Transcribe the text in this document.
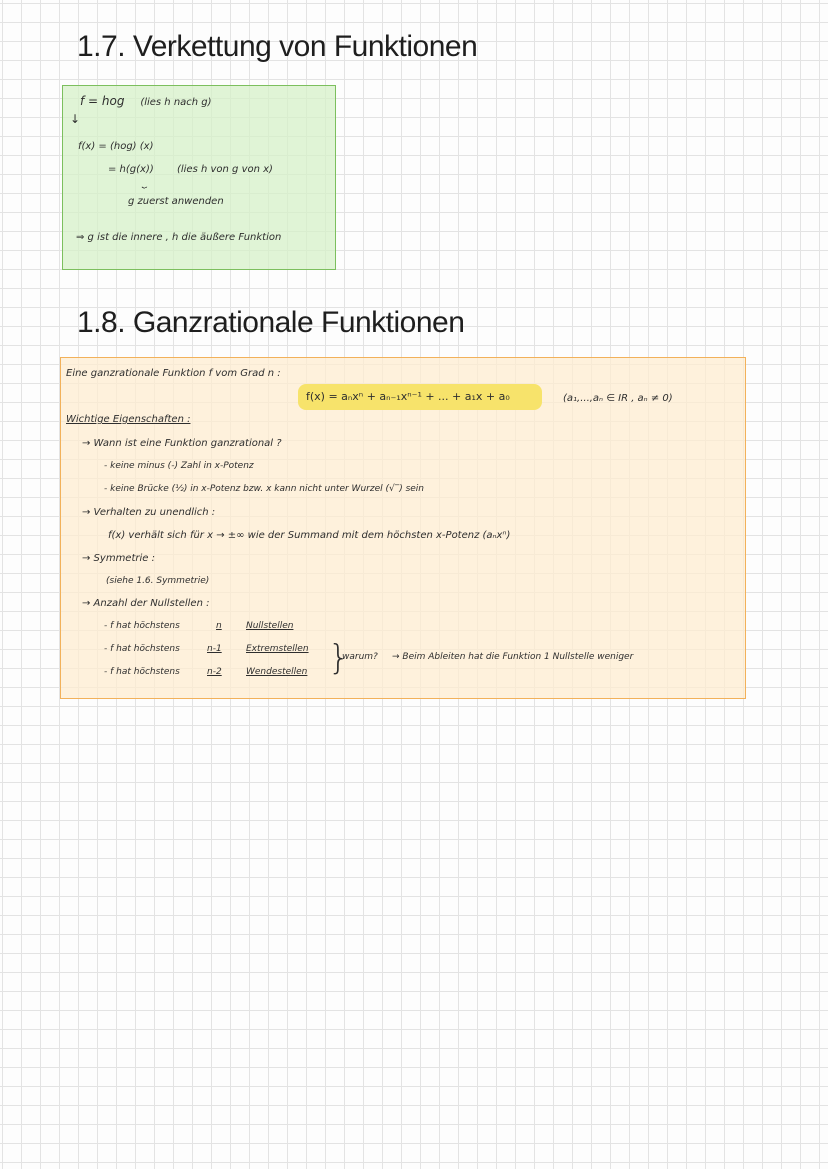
1.7. Verkettung von Funktionen
f = hog (lies h nach g)
↓
f(x) = (hog) (x)
= h(g(x)) (lies h von g von x)
⏟
g zuerst anwenden
⇒ g ist die innere , h die äußere Funktion
1.8. Ganzrationale Funktionen
Eine ganzrationale Funktion f vom Grad n :
f(x) = aₙxⁿ + aₙ₋₁xⁿ⁻¹ + ... + a₁x + a₀	(a₁,...,aₙ ∈ IR , aₙ ≠ 0)
Wichtige Eigenschaften :
→ Wann ist eine Funktion ganzrational ?
- keine minus (-) Zahl in x-Potenz
- keine Brücke (½) in x-Potenz bzw. x kann nicht unter Wurzel (√‾) sein
→ Verhalten zu unendlich :
f(x) verhält sich für x → ±∞ wie der Summand mit dem höchsten x-Potenz (aₙxⁿ)
→ Symmetrie :
(siehe 1.6. Symmetrie)
→ Anzahl der Nullstellen :
- f hat höchstens	n	Nullstellen
- f hat höchstens	n-1	Extremstellen
- f hat höchstens	n-2	Wendestellen }
warum? → Beim Ableiten hat die Funktion 1 Nullstelle weniger
